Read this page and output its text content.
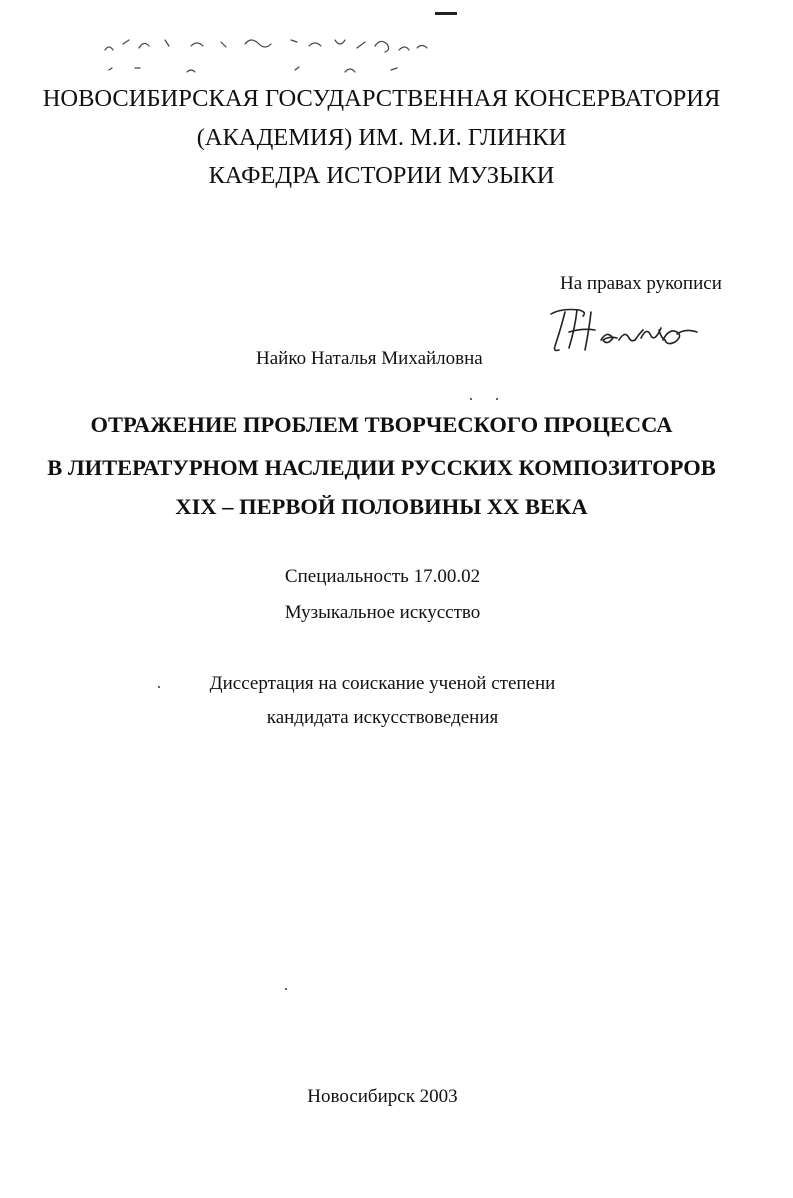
НОВОСИБИРСКАЯ ГОСУДАРСТВЕННАЯ КОНСЕРВАТОРИЯ
(АКАДЕМИЯ) ИМ. М.И. ГЛИНКИ
КАФЕДРА ИСТОРИИ МУЗЫКИ
На правах рукописи
Найко Наталья Михайловна
ОТРАЖЕНИЕ ПРОБЛЕМ ТВОРЧЕСКОГО ПРОЦЕССА
В ЛИТЕРАТУРНОМ НАСЛЕДИИ РУССКИХ КОМПОЗИТОРОВ
XIX – ПЕРВОЙ ПОЛОВИНЫ XX ВЕКА
Специальность 17.00.02
Музыкальное искусство
Диссертация на соискание ученой степени
кандидата искусствоведения
Новосибирск 2003
